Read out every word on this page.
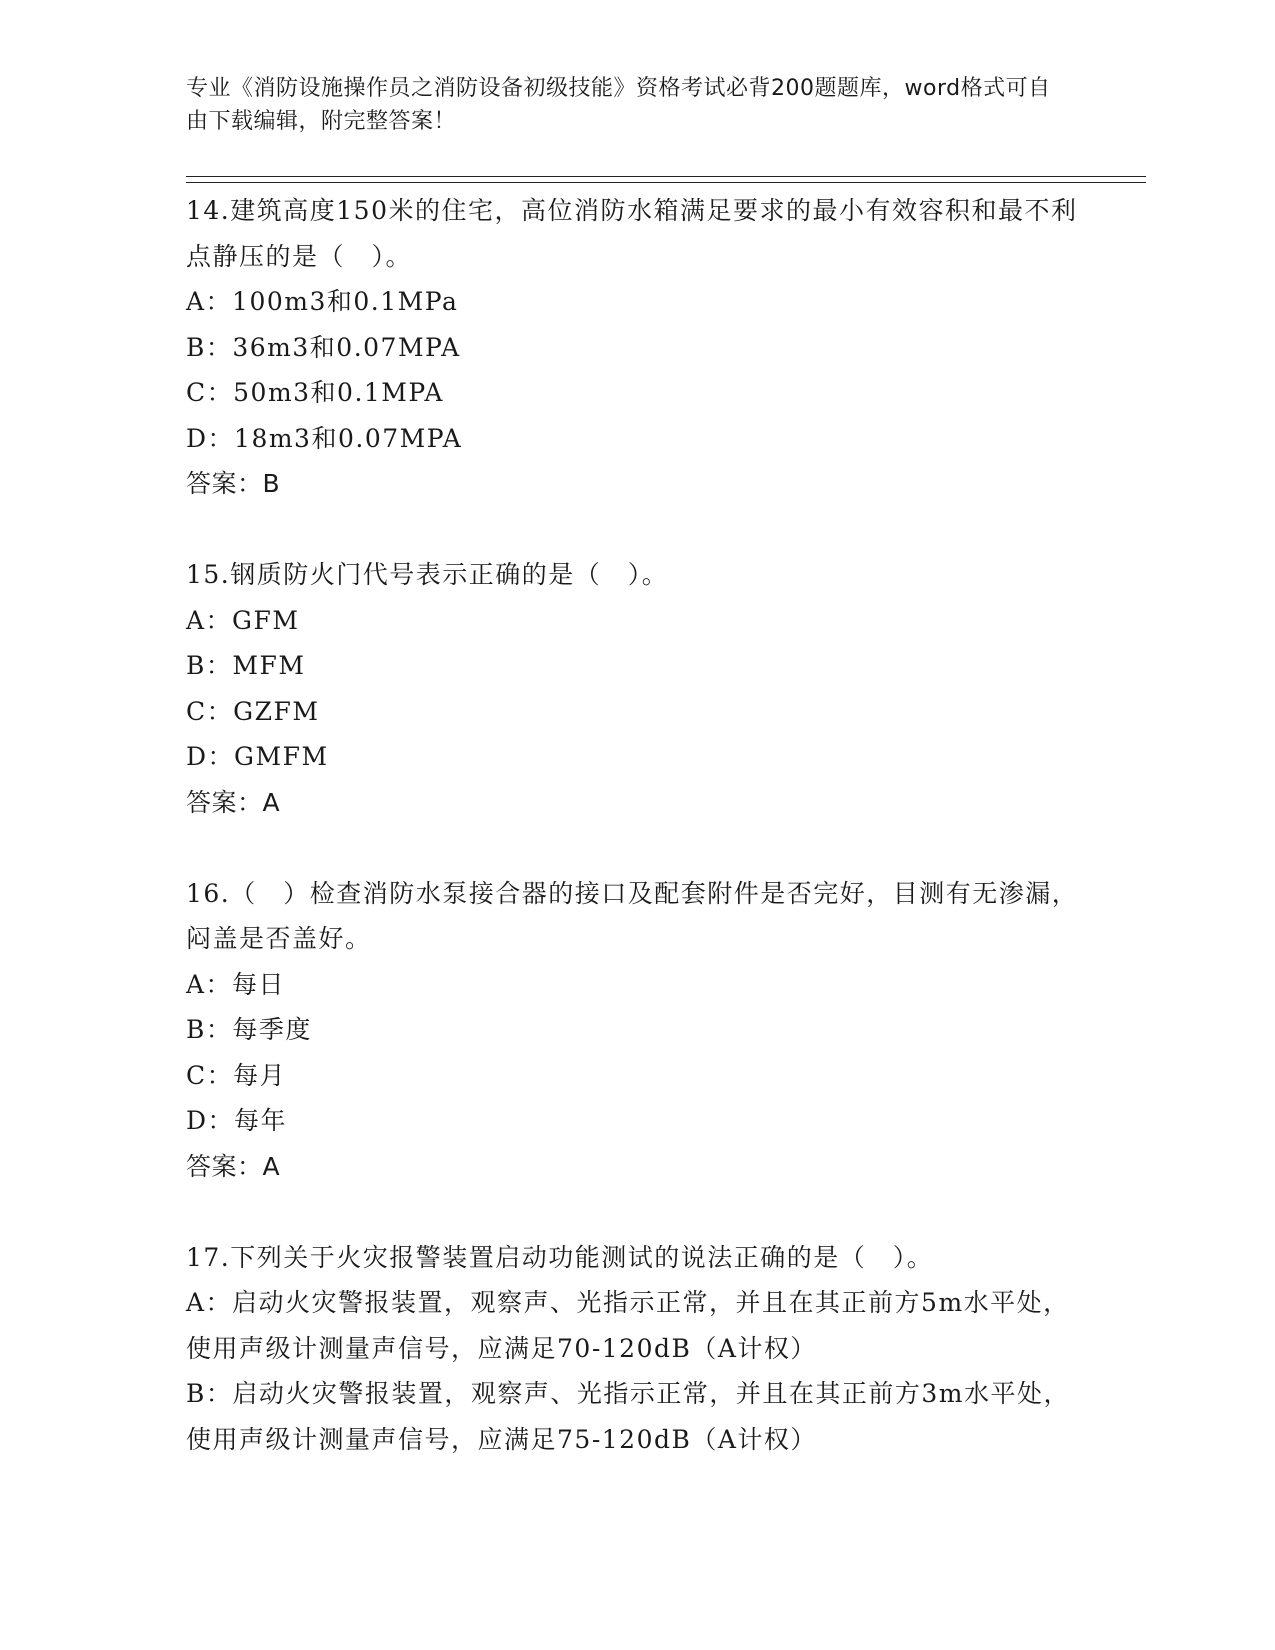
专业《消防设施操作员之消防设备初级技能》资格考试必背200题题库，word格式可自由下载编辑，附完整答案！

14.建筑高度150米的住宅，高位消防水箱满足要求的最小有效容积和最不利点静压的是（　）。

A：100m3和0.1MPa

B：36m3和0.07MPA

C：50m3和0.1MPA

D：18m3和0.07MPA

答案：B

15.钢质防火门代号表示正确的是（　）。

A：GFM

B：MFM

C：GZFM

D：GMFM

答案：A

16.（　）检查消防水泵接合器的接口及配套附件是否完好，目测有无渗漏，闷盖是否盖好。

A：每日

B：每季度

C：每月

D：每年

答案：A

17.下列关于火灾报警装置启动功能测试的说法正确的是（　）。

A：启动火灾警报装置，观察声、光指示正常，并且在其正前方5m水平处，使用声级计测量声信号，应满足70-120dB（A计权）

B：启动火灾警报装置，观察声、光指示正常，并且在其正前方3m水平处，使用声级计测量声信号，应满足75-120dB（A计权）
